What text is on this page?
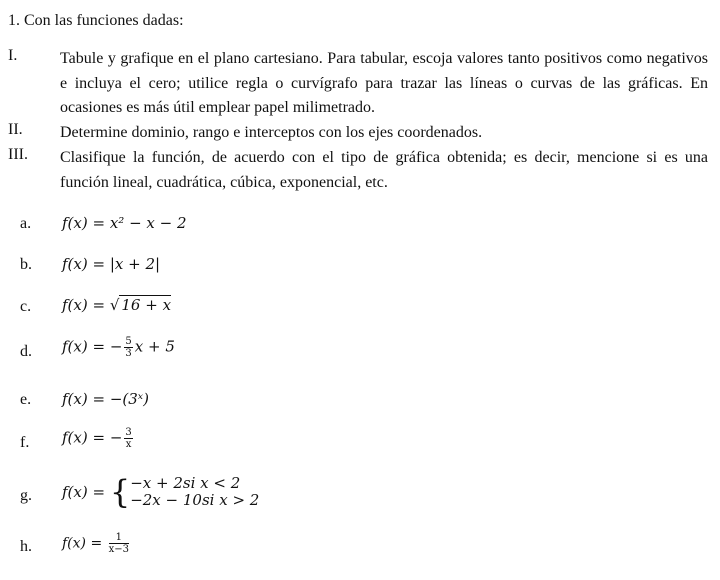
1. Con las funciones dadas:
I.	Tabule y grafique en el plano cartesiano. Para tabular, escoja valores tanto positivos como negativos e incluya el cero; utilice regla o curvígrafo para trazar las líneas o curvas de las gráficas. En ocasiones es más útil emplear papel milimetrado.
II. Determine dominio, rango e interceptos con los ejes coordenados.
III. Clasifique la función, de acuerdo con el tipo de gráfica obtenida; es decir, mencione si es una función lineal, cuadrática, cúbica, exponencial, etc.
a. f(x) = x² − x − 2
b. f(x) = |x + 2|
c. f(x) = √ 16 + x
d. f(x) = − $\frac{5}{3}$ x + 5
e. f(x) = −(3ˣ)
f. f(x) = − $\frac{3}{x}$
g. f(x) = { −x + 2si x < 2
−2x − 10si x > 2
h. $f(x) = \frac{1}{x-3}$
